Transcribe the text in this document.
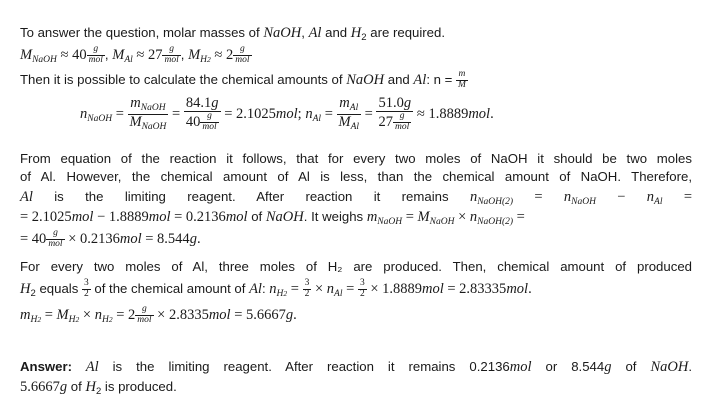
To answer the question, molar masses of NaOH, Al and $H_2$ are required.
$M_{NaOH} \approx 40 \frac{g}{\text{mol}}$ , $M_{Al} \approx 27 \frac{g}{\text{mol}}$ , $M_{H2} \approx 2 \frac{g}{\text{mol}}$
Then it is possible to calculate the chemical amounts of NaOH and Al: $n = \frac{m}{M}$
$n_{NaOH} = \frac{m_{NaOH}}{M_{NaOH}} = \frac{84.1g}{40 \frac{g}{\text{mol}}} = 2.1025mol$; $n_{Al} = \frac{m_{Al}}{M_{Al}} = \frac{51.0g}{27 \frac{g}{\text{mol}}} \approx 1.8889mol$.
From equation of the reaction it follows, that for every two moles of NaOH it should be two moles
of Al. However, the chemical amount of Al is less, than the chemical amount of NaOH. Therefore,
Al is the limiting reagent. After reaction it remains $n_{NaOH(2)} = n_{NaOH} - n_{Al}$ =
= 2.1025mol − 1.8889mol = 0.2136mol of NaOH. It weighs $m_{NaOH} = M_{NaOH} \times n_{NaOH(2)}$ =
= $40 \frac{g}{\text{mol}} \times 0.2136mol = 8.544g$.
For every two moles of Al, three moles of H₂ are produced. Then, chemical amount of produced
$H_2$ equals $\frac{3}{2}$ of the chemical amount of Al: $n_{H2} = \frac{3}{2} \times n_{Al} = \frac{3}{2} \times 1.8889mol = 2.83335mol$.
$m_{H2} = M_{H2} \times n_{H2} = 2 \frac{g}{\text{mol}} \times 2.8335mol = 5.6667g$.
Answer: Al is the limiting reagent. After reaction it remains 0.2136mol or 8.544g of NaOH.
5.6667g of $H_2$ is produced.
